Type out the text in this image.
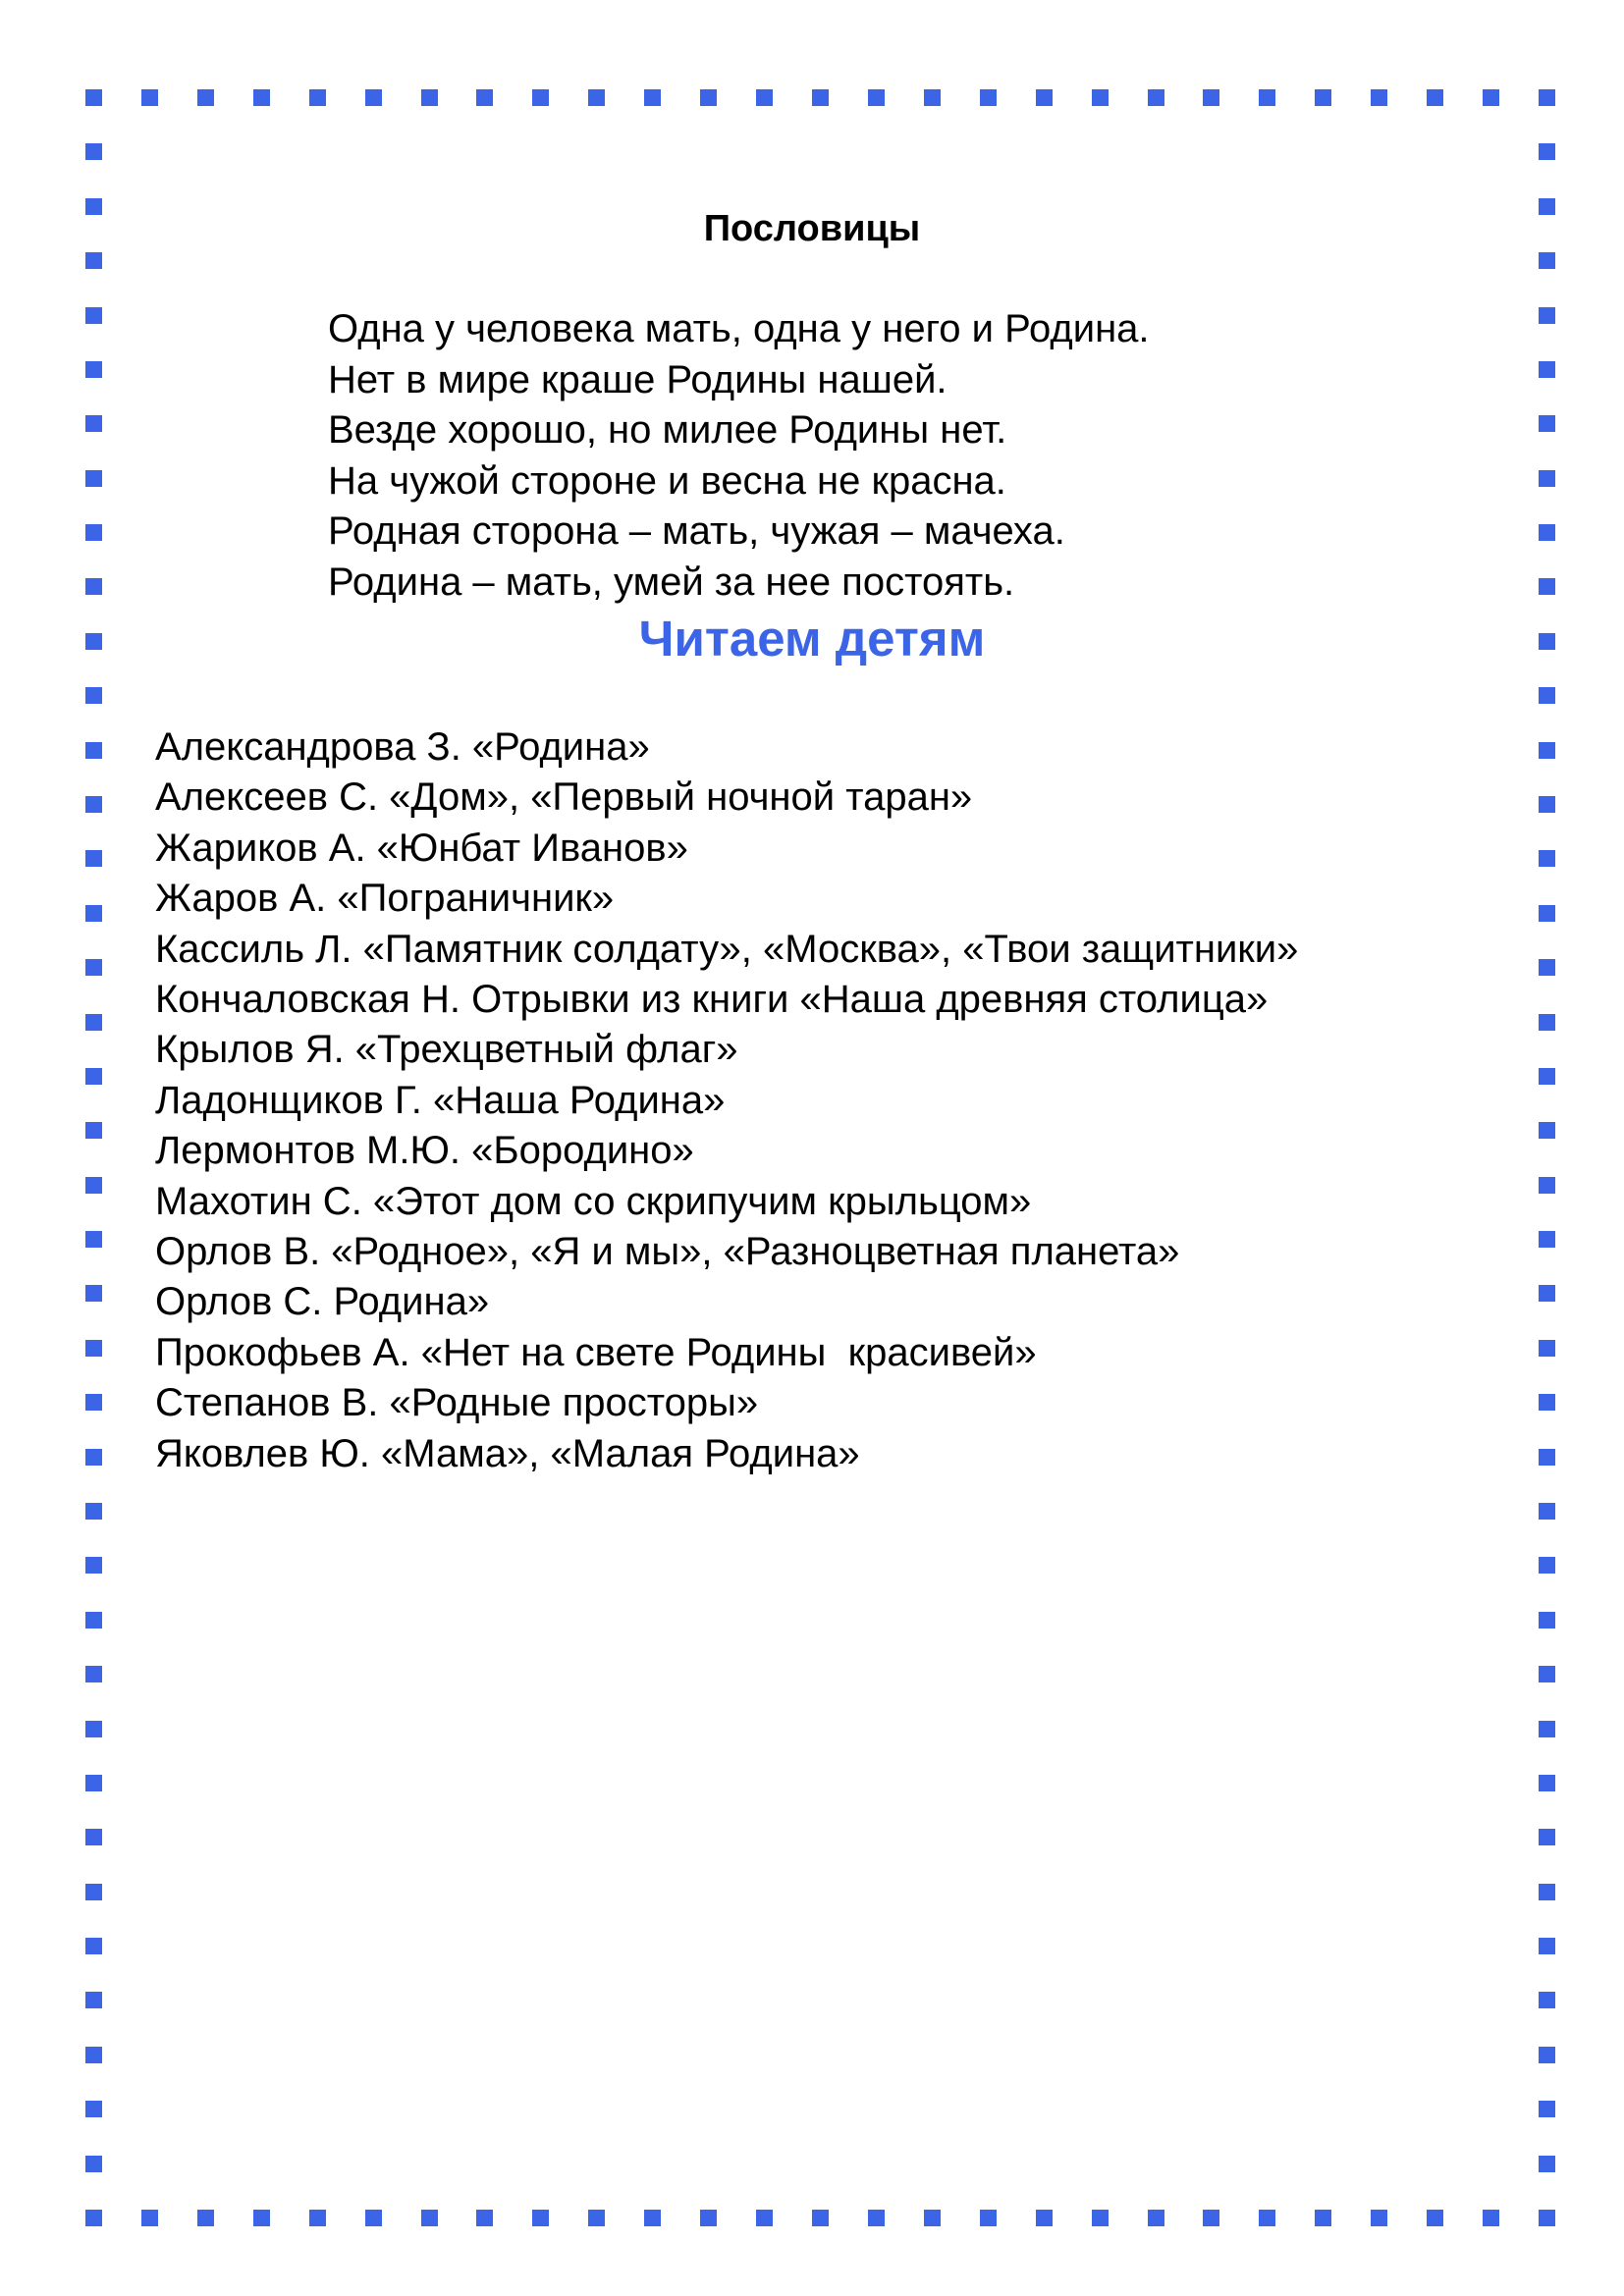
Пословицы
Одна у человека мать, одна у него и Родина.
Нет в мире краше Родины нашей.
Везде хорошо, но милее Родины нет.
На чужой стороне и весна не красна.
Родная сторона – мать, чужая – мачеха.
Родина – мать, умей за нее постоять.
Читаем детям
Александрова З. «Родина»
Алексеев С. «Дом», «Первый ночной таран»
Жариков А. «Юнбат Иванов»
Жаров А. «Пограничник»
Кассиль Л. «Памятник солдату», «Москва», «Твои защитники»
Кончаловская Н. Отрывки из книги «Наша древняя столица»
Крылов Я. «Трехцветный флаг»
Ладонщиков Г. «Наша Родина»
Лермонтов М.Ю. «Бородино»
Махотин С. «Этот дом со скрипучим крыльцом»
Орлов В. «Родное», «Я и мы», «Разноцветная планета»
Орлов С. Родина»
Прокофьев А. «Нет на свете Родины  красивей»
Степанов В. «Родные просторы»
Яковлев Ю. «Мама», «Малая Родина»
